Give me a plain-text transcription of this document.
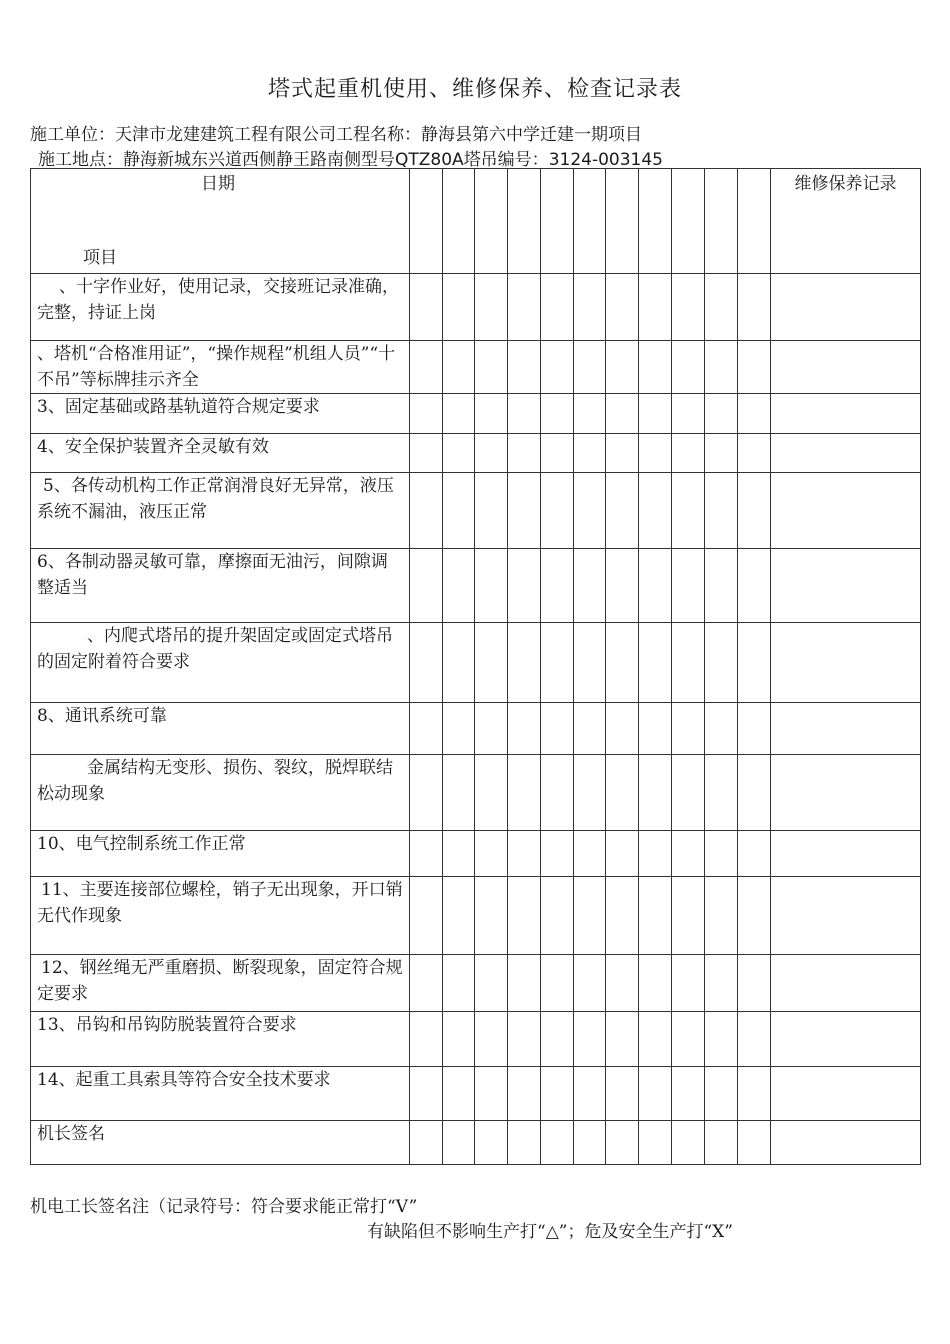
塔式起重机使用、维修保养、检查记录表
施工单位：天津市龙建建筑工程有限公司工程名称：静海县第六中学迁建一期项目
施工地点：静海新城东兴道西侧静王路南侧型号QTZ80A塔吊编号：3124-003145
日期
项目												维修保养记录

、十字作业好，使用记录，交接班记录准确，完整，持证上岗												

、塔机“合格准用证”，“操作规程”机组人员”“十不吊”等标牌挂示齐全												

3、固定基础或路基轨道符合规定要求												

4、安全保护装置齐全灵敏有效												

5、各传动机构工作正常润滑良好无异常，液压系统不漏油，液压正常												

6、各制动器灵敏可靠，摩擦面无油污，间隙调整适当												

、内爬式塔吊的提升架固定或固定式塔吊的固定附着符合要求												

8、通讯系统可靠												

金属结构无变形、损伤、裂纹，脱焊联结松动现象												

10、电气控制系统工作正常												

11、主要连接部位螺栓，销子无出现象，开口销无代作现象												

12、钢丝绳无严重磨损、断裂现象，固定符合规定要求												

13、吊钩和吊钩防脱装置符合要求												

14、起重工具索具等符合安全技术要求												

机长签名												

机电工长签名注（记录符号：符合要求能正常打“V”
有缺陷但不影响生产打“△”；危及安全生产打“X”
